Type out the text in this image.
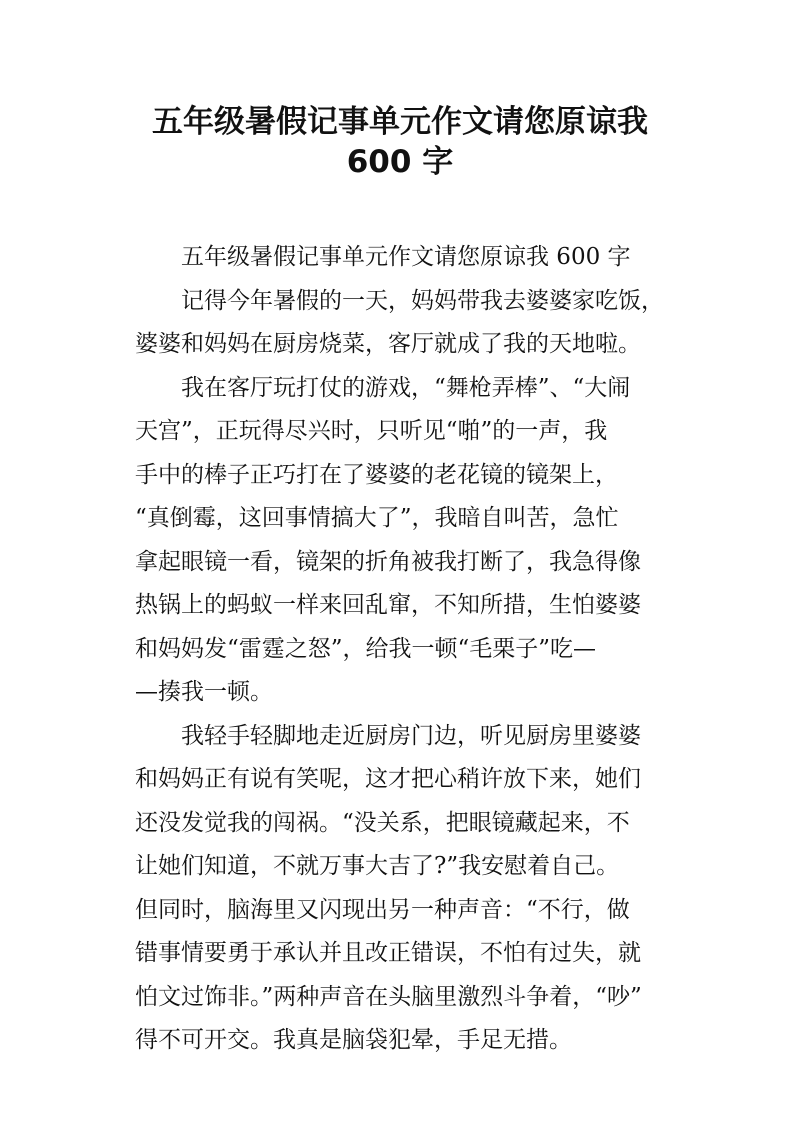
五年级暑假记事单元作文请您原谅我
600 字
五年级暑假记事单元作文请您原谅我 600 字
记得今年暑假的一天，妈妈带我去婆婆家吃饭，
婆婆和妈妈在厨房烧菜，客厅就成了我的天地啦。
我在客厅玩打仗的游戏，“舞枪弄棒”、“大闹
天宫”，正玩得尽兴时，只听见“啪”的一声，我
手中的棒子正巧打在了婆婆的老花镜的镜架上，
“真倒霉，这回事情搞大了”，我暗自叫苦，急忙
拿起眼镜一看，镜架的折角被我打断了，我急得像
热锅上的蚂蚁一样来回乱窜，不知所措，生怕婆婆
和妈妈发“雷霆之怒”，给我一顿“毛栗子”吃—
—揍我一顿。
我轻手轻脚地走近厨房门边，听见厨房里婆婆
和妈妈正有说有笑呢，这才把心稍许放下来，她们
还没发觉我的闯祸。“没关系，把眼镜藏起来，不
让她们知道，不就万事大吉了?”我安慰着自己。
但同时，脑海里又闪现出另一种声音：“不行，做
错事情要勇于承认并且改正错误，不怕有过失，就
怕文过饰非。”两种声音在头脑里激烈斗争着，“吵”
得不可开交。我真是脑袋犯晕，手足无措。
